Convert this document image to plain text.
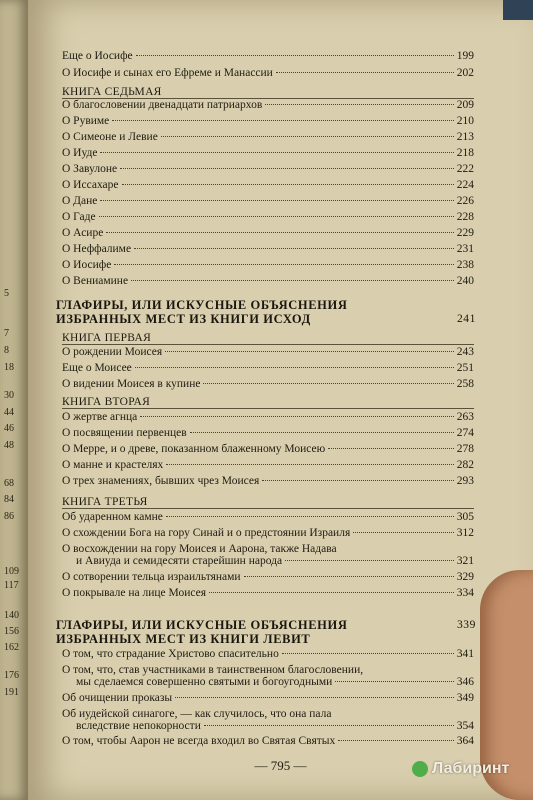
5
7
8
18
30
44
46
48
68
84
86
109
117
140
156
162
176
191
Еще о Иосифе	199
О Иосифе и сынах его Ефреме и Манассии	202
КНИГА СЕДЬМАЯ
О благословении двенадцати патриархов	209
О Рувиме	210
О Симеоне и Левие	213
О Иуде	218
О Завулоне	222
О Иссахаре	224
О Дане	226
О Гаде	228
О Асире	229
О Неффалиме	231
О Иосифе	238
О Вениамине	240
ГЛАФИРЫ, ИЛИ ИСКУСНЫЕ ОБЪЯСНЕНИЯ
ИЗБРАННЫХ МЕСТ ИЗ КНИГИ ИСХОД	241
КНИГА ПЕРВАЯ
О рождении Моисея	243
Еще о Моисее	251
О видении Моисея в купине	258
КНИГА ВТОРАЯ
О жертве агнца	263
О посвящении первенцев	274
О Мерре, и о древе, показанном блаженному Моисею	278
О манне и крастелях	282
О трех знамениях, бывших чрез Моисея	293
КНИГА ТРЕТЬЯ
Об ударенном камне	305
О схождении Бога на гору Синай и о предстоянии Израиля	312
О восхождении на гору Моисея и Аарона, также Надава
и Авиуда и семидесяти старейшин народа	321
О сотворении тельца израильтянами	329
О покрывале на лице Моисея	334
ГЛАФИРЫ, ИЛИ ИСКУСНЫЕ ОБЪЯСНЕНИЯ
ИЗБРАННЫХ МЕСТ ИЗ КНИГИ ЛЕВИТ
339
О том, что страдание Христово спасительно	341
О том, что, став участниками в таинственном благословении,
мы сделаемся совершенно святыми и богоугодными	346
Об очищении проказы	349
Об иудейской синагоге, — как случилось, что она пала
вследствие непокорности	354
О том, чтобы Аарон не всегда входил во Святая Святых	364
— 795 —	Лабиринт
